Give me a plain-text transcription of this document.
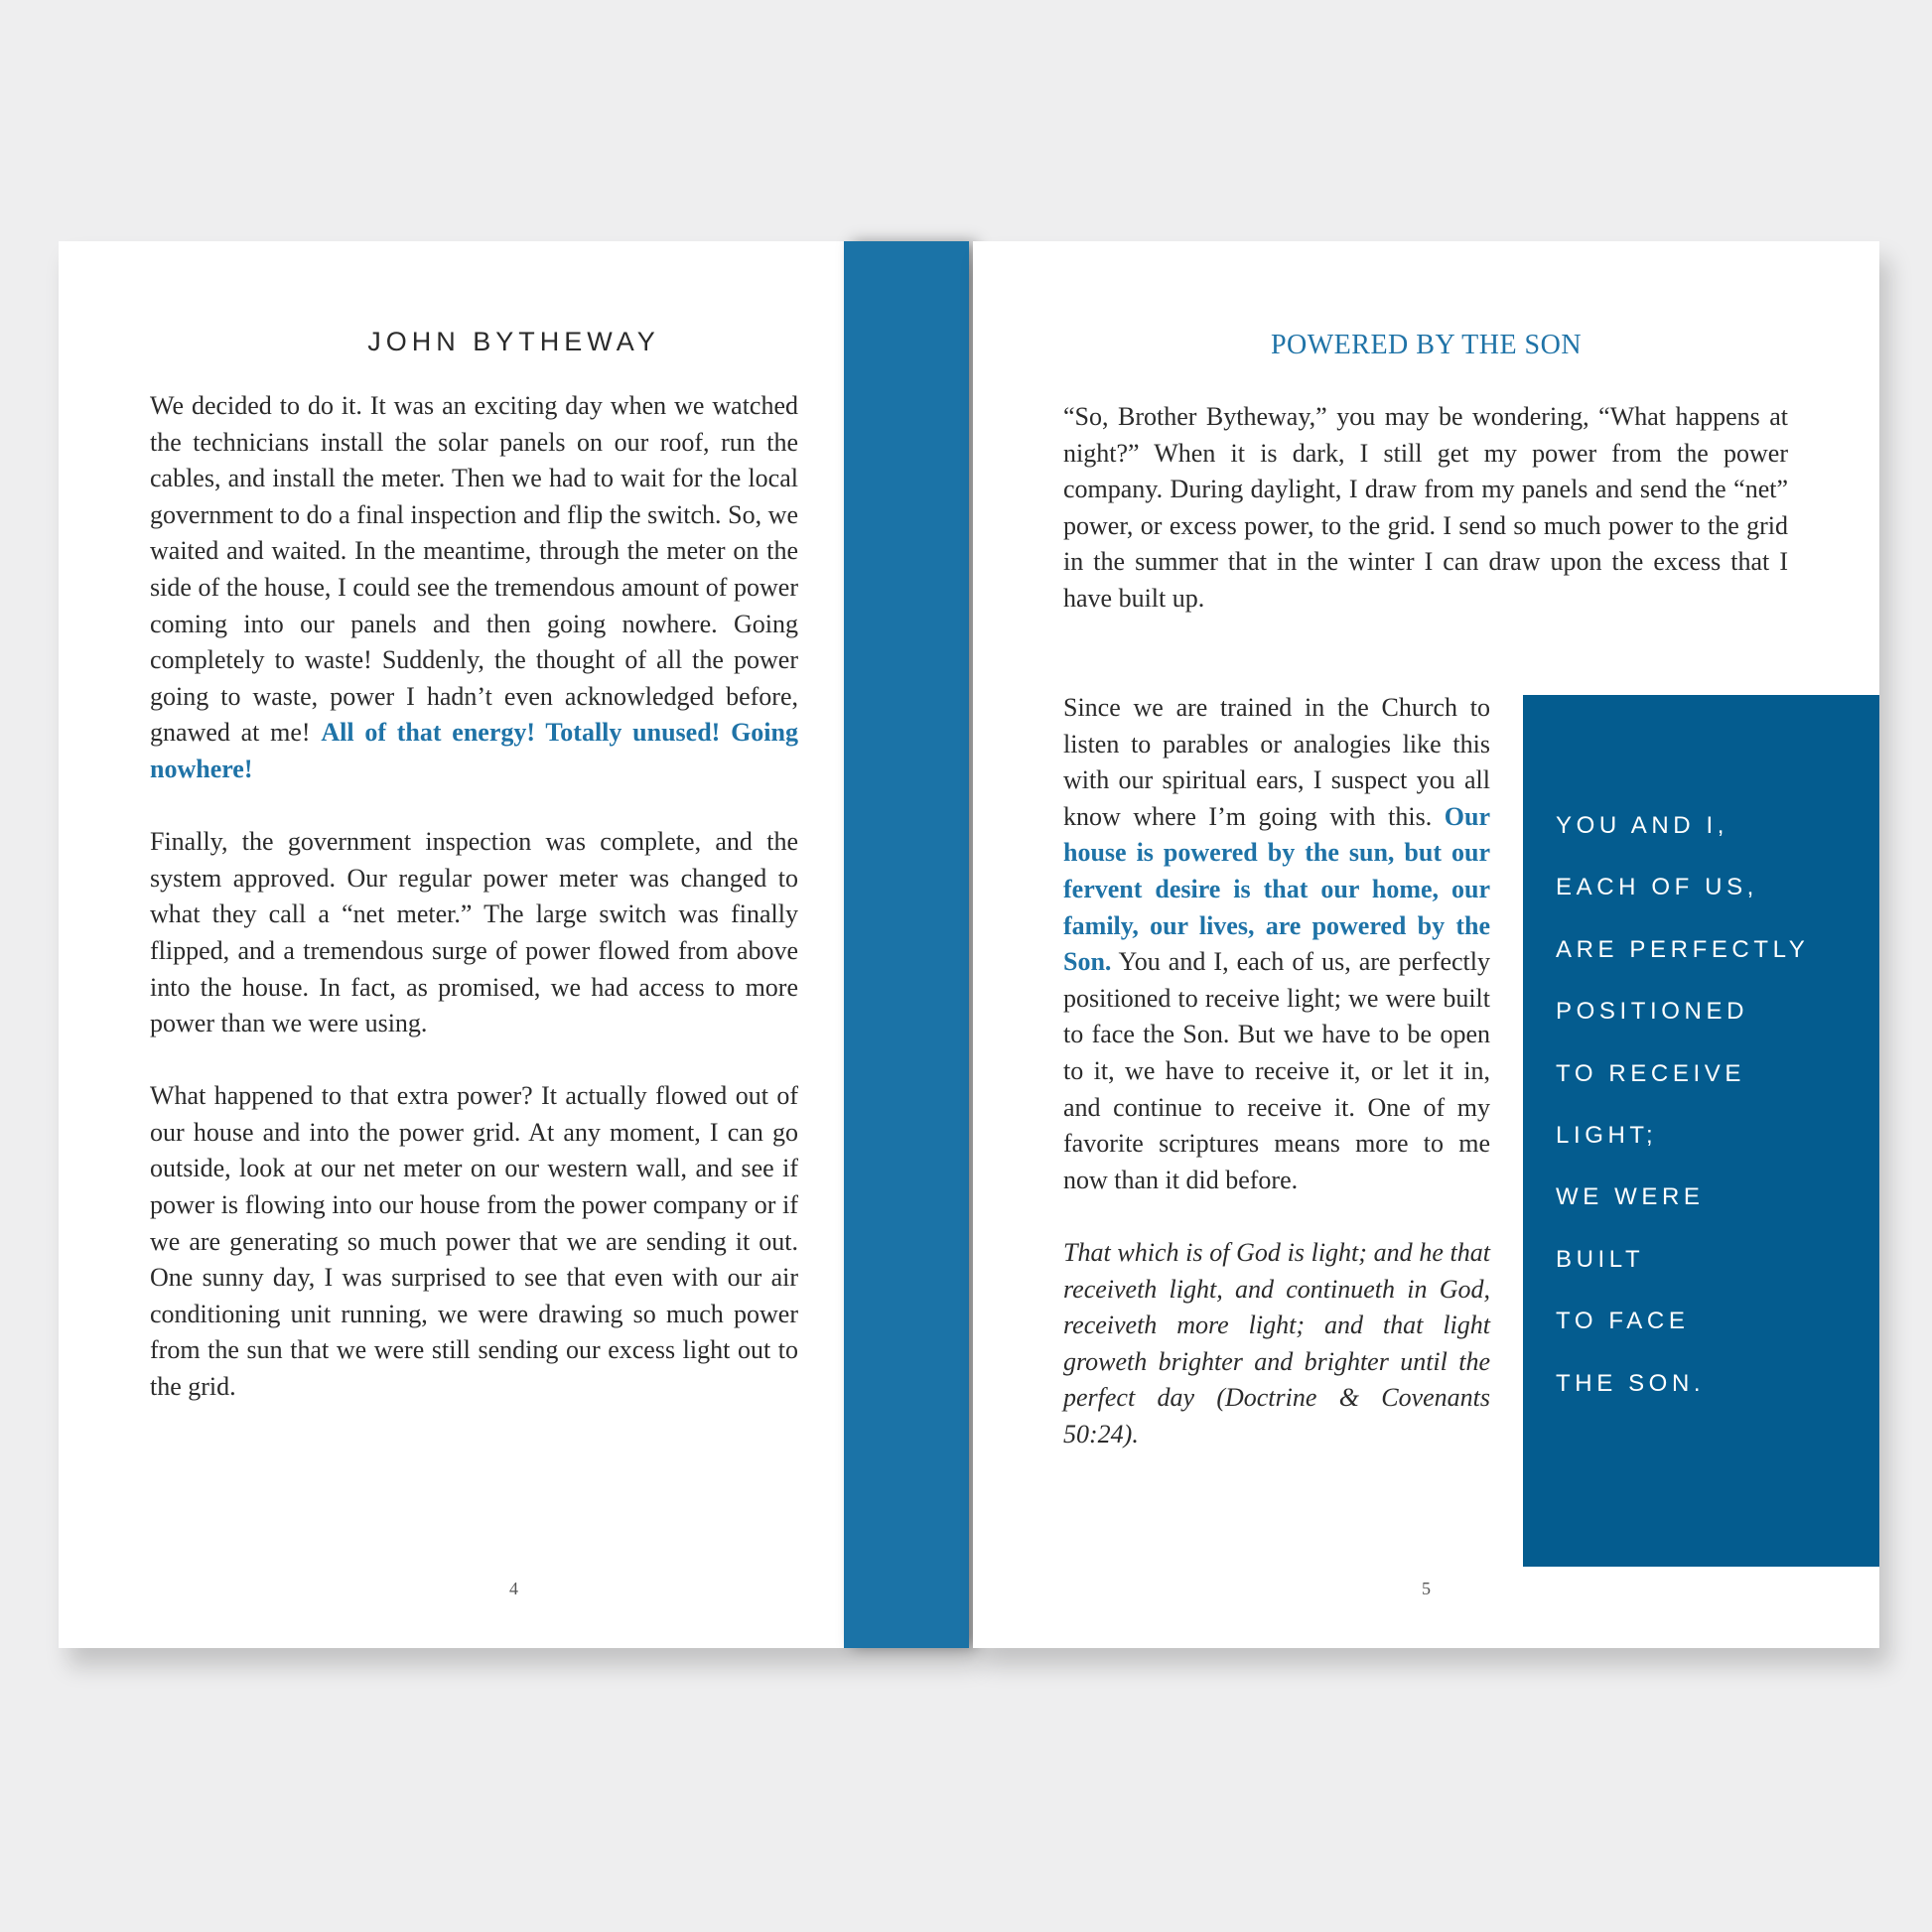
JOHN BYTHEWAY

We decided to do it. It was an exciting day when we watched the technicians install the solar panels on our roof, run the cables, and install the meter. Then we had to wait for the local government to do a final inspection and flip the switch. So, we waited and waited. In the meantime, through the meter on the side of the house, I could see the tremendous amount of power coming into our panels and then going nowhere. Going completely to waste! Suddenly, the thought of all the power going to waste, power I hadn’t even acknowledged before, gnawed at me! All of that energy! Totally unused! Going nowhere!

Finally, the government inspection was complete, and the system approved. Our regular power meter was changed to what they call a “net meter.” The large switch was finally flipped, and a tremendous surge of power flowed from above into the house. In fact, as promised, we had access to more power than we were using.

What happened to that extra power? It actually flowed out of our house and into the power grid. At any moment, I can go outside, look at our net meter on our western wall, and see if power is flowing into our house from the power company or if we are generating so much power that we are sending it out. One sunny day, I was surprised to see that even with our air conditioning unit running, we were drawing so much power from the sun that we were still sending our excess light out to the grid.

4
POWERED BY THE SON
“So, Brother Bytheway,” you may be wondering, “What happens at night?” When it is dark, I still get my power from the power company. During daylight, I draw from my panels and send the “net” power, or excess power, to the grid. I send so much power to the grid in the summer that in the winter I can draw upon the excess that I have built up.

Since we are trained in the Church to listen to parables or analogies like this with our spiritual ears, I suspect you all know where I’m going with this. Our house is powered by the sun, but our fervent desire is that our home, our family, our lives, are powered by the Son. You and I, each of us, are perfectly positioned to receive light; we were built to face the Son. But we have to be open to it, we have to receive it, or let it in, and continue to receive it. One of my favorite scriptures means more to me now than it did before.

That which is of God is light; and he that receiveth light, and continueth in God, receiveth more light; and that light groweth brighter and brighter until the perfect day (Doctrine & Covenants 50:24).

YOU AND I,
EACH OF US,
ARE PERFECTLY
POSITIONED
TO RECEIVE
LIGHT;
WE WERE
BUILT
TO FACE
THE SON.
5
